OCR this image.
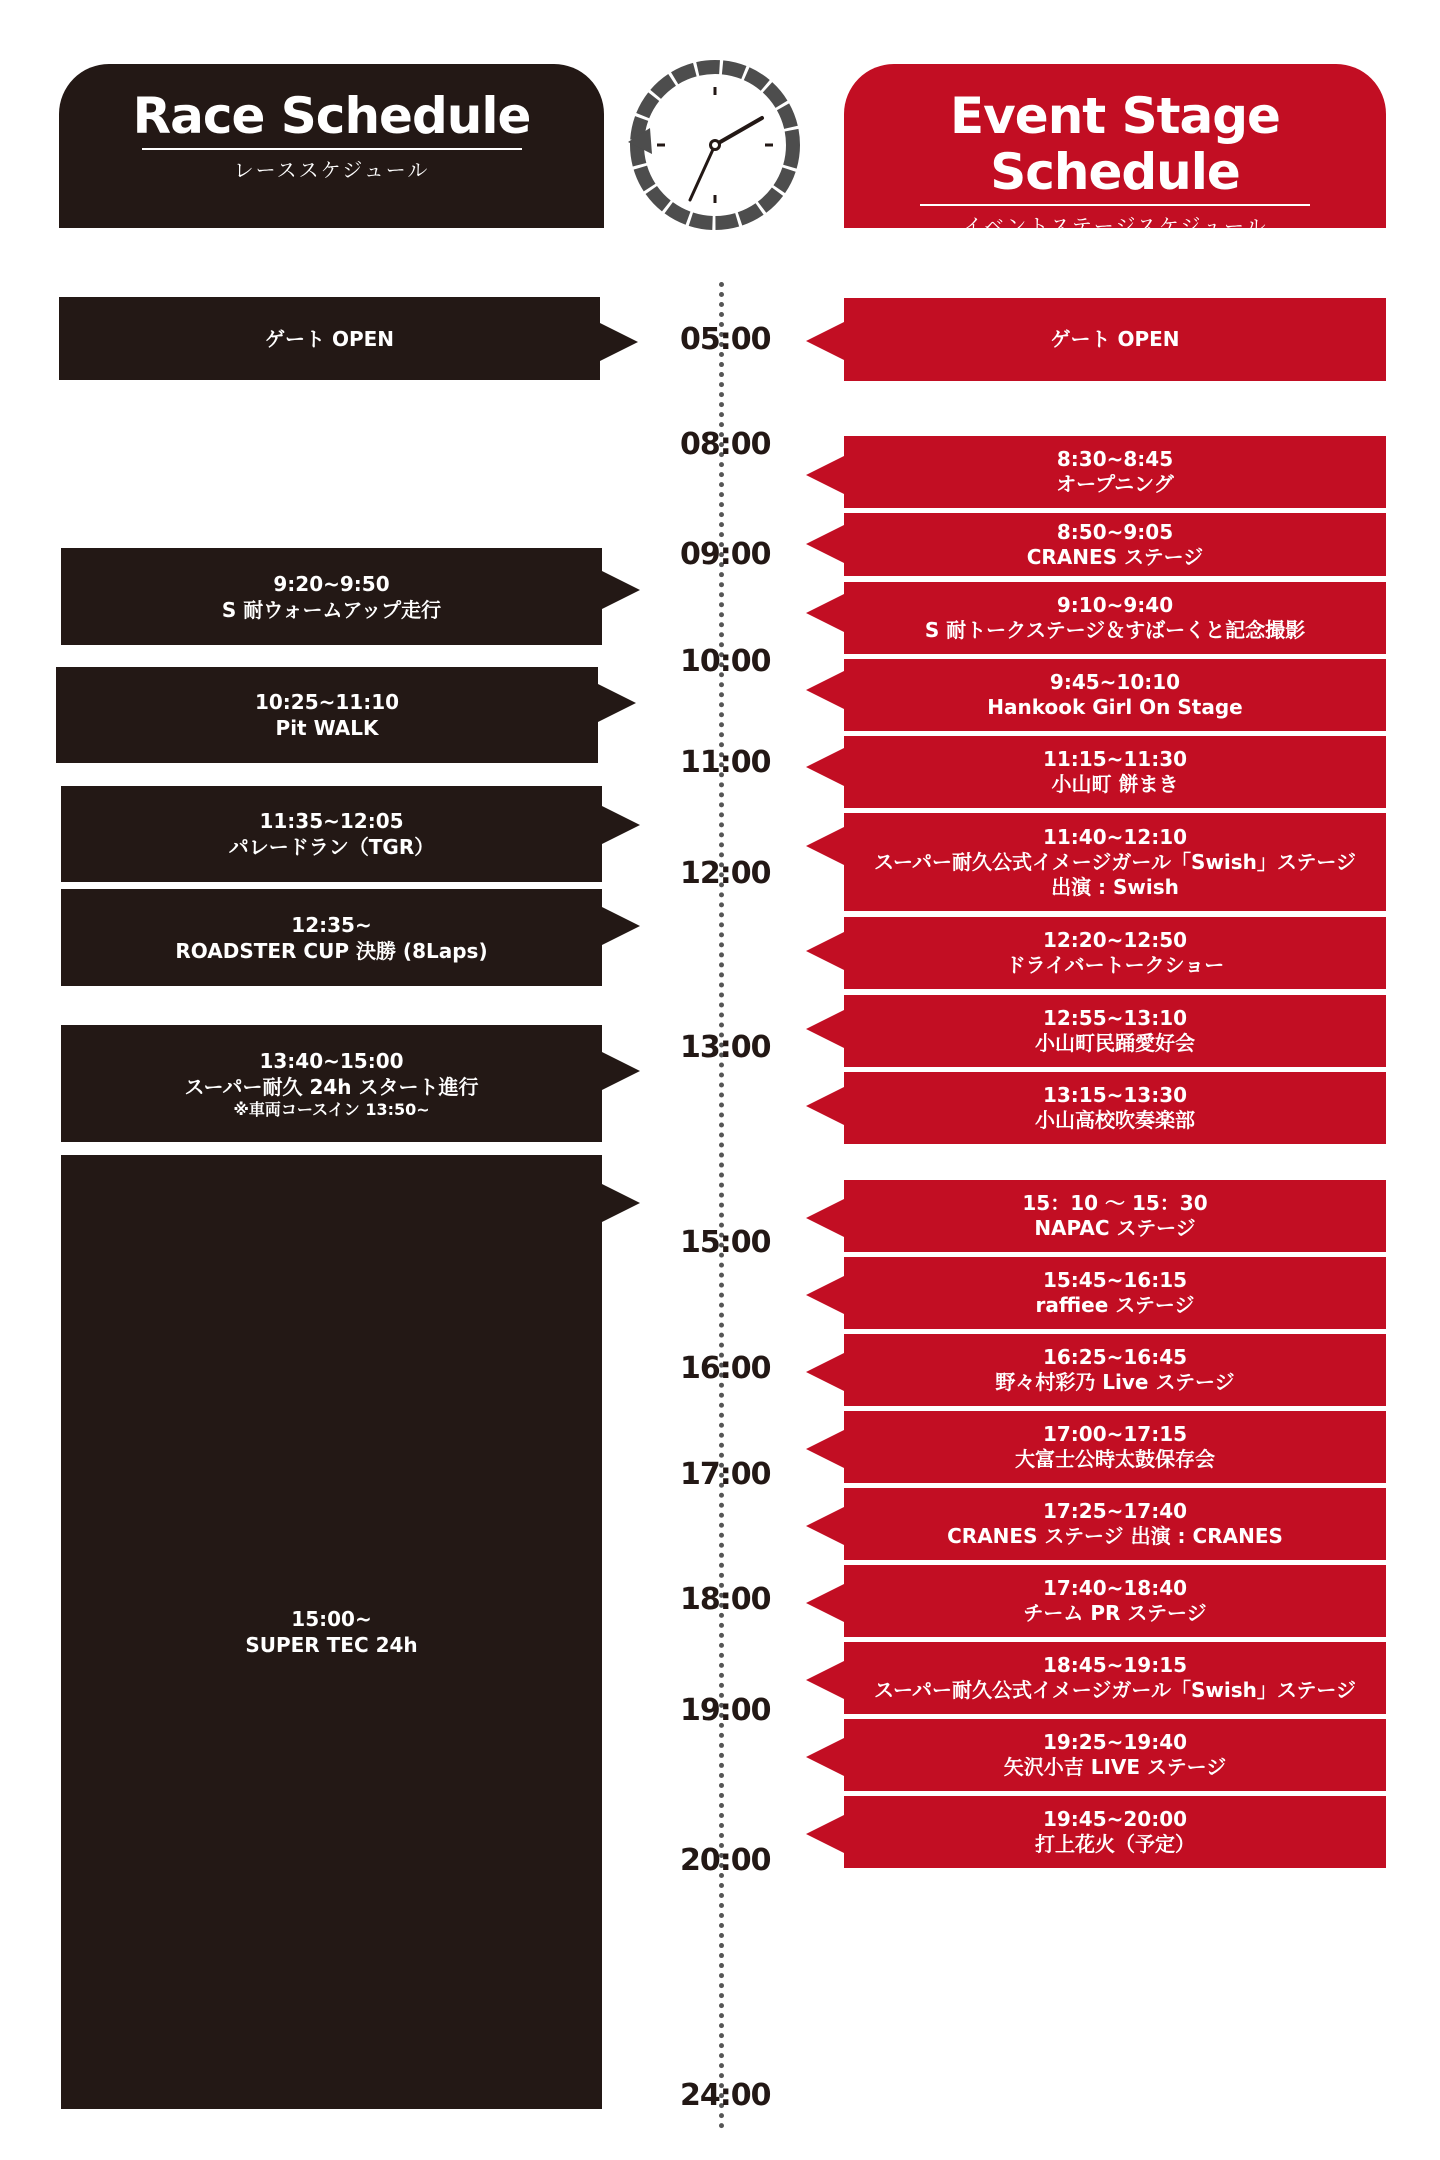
Race Schedule
レーススケジュール
Event Stage Schedule
イベントステージスケジュール
05:00
08:00
09:00
10:00
11:00
12:00
13:00
15:00
16:00
17:00
18:00
19:00
20:00
24:00
ゲート OPEN
9:20~9:50
S 耐ウォームアップ走行
10:25~11:10
Pit WALK
11:35~12:05
パレードラン（TGR）
12:35~
ROADSTER CUP 決勝 (8Laps)
13:40~15:00
スーパー耐久 24h スタート進行
※車両コースイン 13:50~
15:00~
SUPER TEC 24h
ゲート OPEN
8:30~8:45
オープニング
8:50~9:05
CRANES ステージ
9:10~9:40
S 耐トークステージ＆すばーくと記念撮影
9:45~10:10
Hankook Girl On Stage
11:15~11:30
小山町 餅まき
11:40~12:10
スーパー耐久公式イメージガール「Swish」ステージ
出演 : Swish
12:20~12:50
ドライバートークショー
12:55~13:10
小山町民踊愛好会
13:15~13:30
小山高校吹奏楽部
15：10 〜 15：30
NAPAC ステージ
15:45~16:15
raffiee ステージ
16:25~16:45
野々村彩乃 Live ステージ
17:00~17:15
大富士公時太鼓保存会
17:25~17:40
CRANES ステージ 出演 : CRANES
17:40~18:40
チーム PR ステージ
18:45~19:15
スーパー耐久公式イメージガール「Swish」ステージ
19:25~19:40
矢沢小吉 LIVE ステージ
19:45~20:00
打上花火（予定）
